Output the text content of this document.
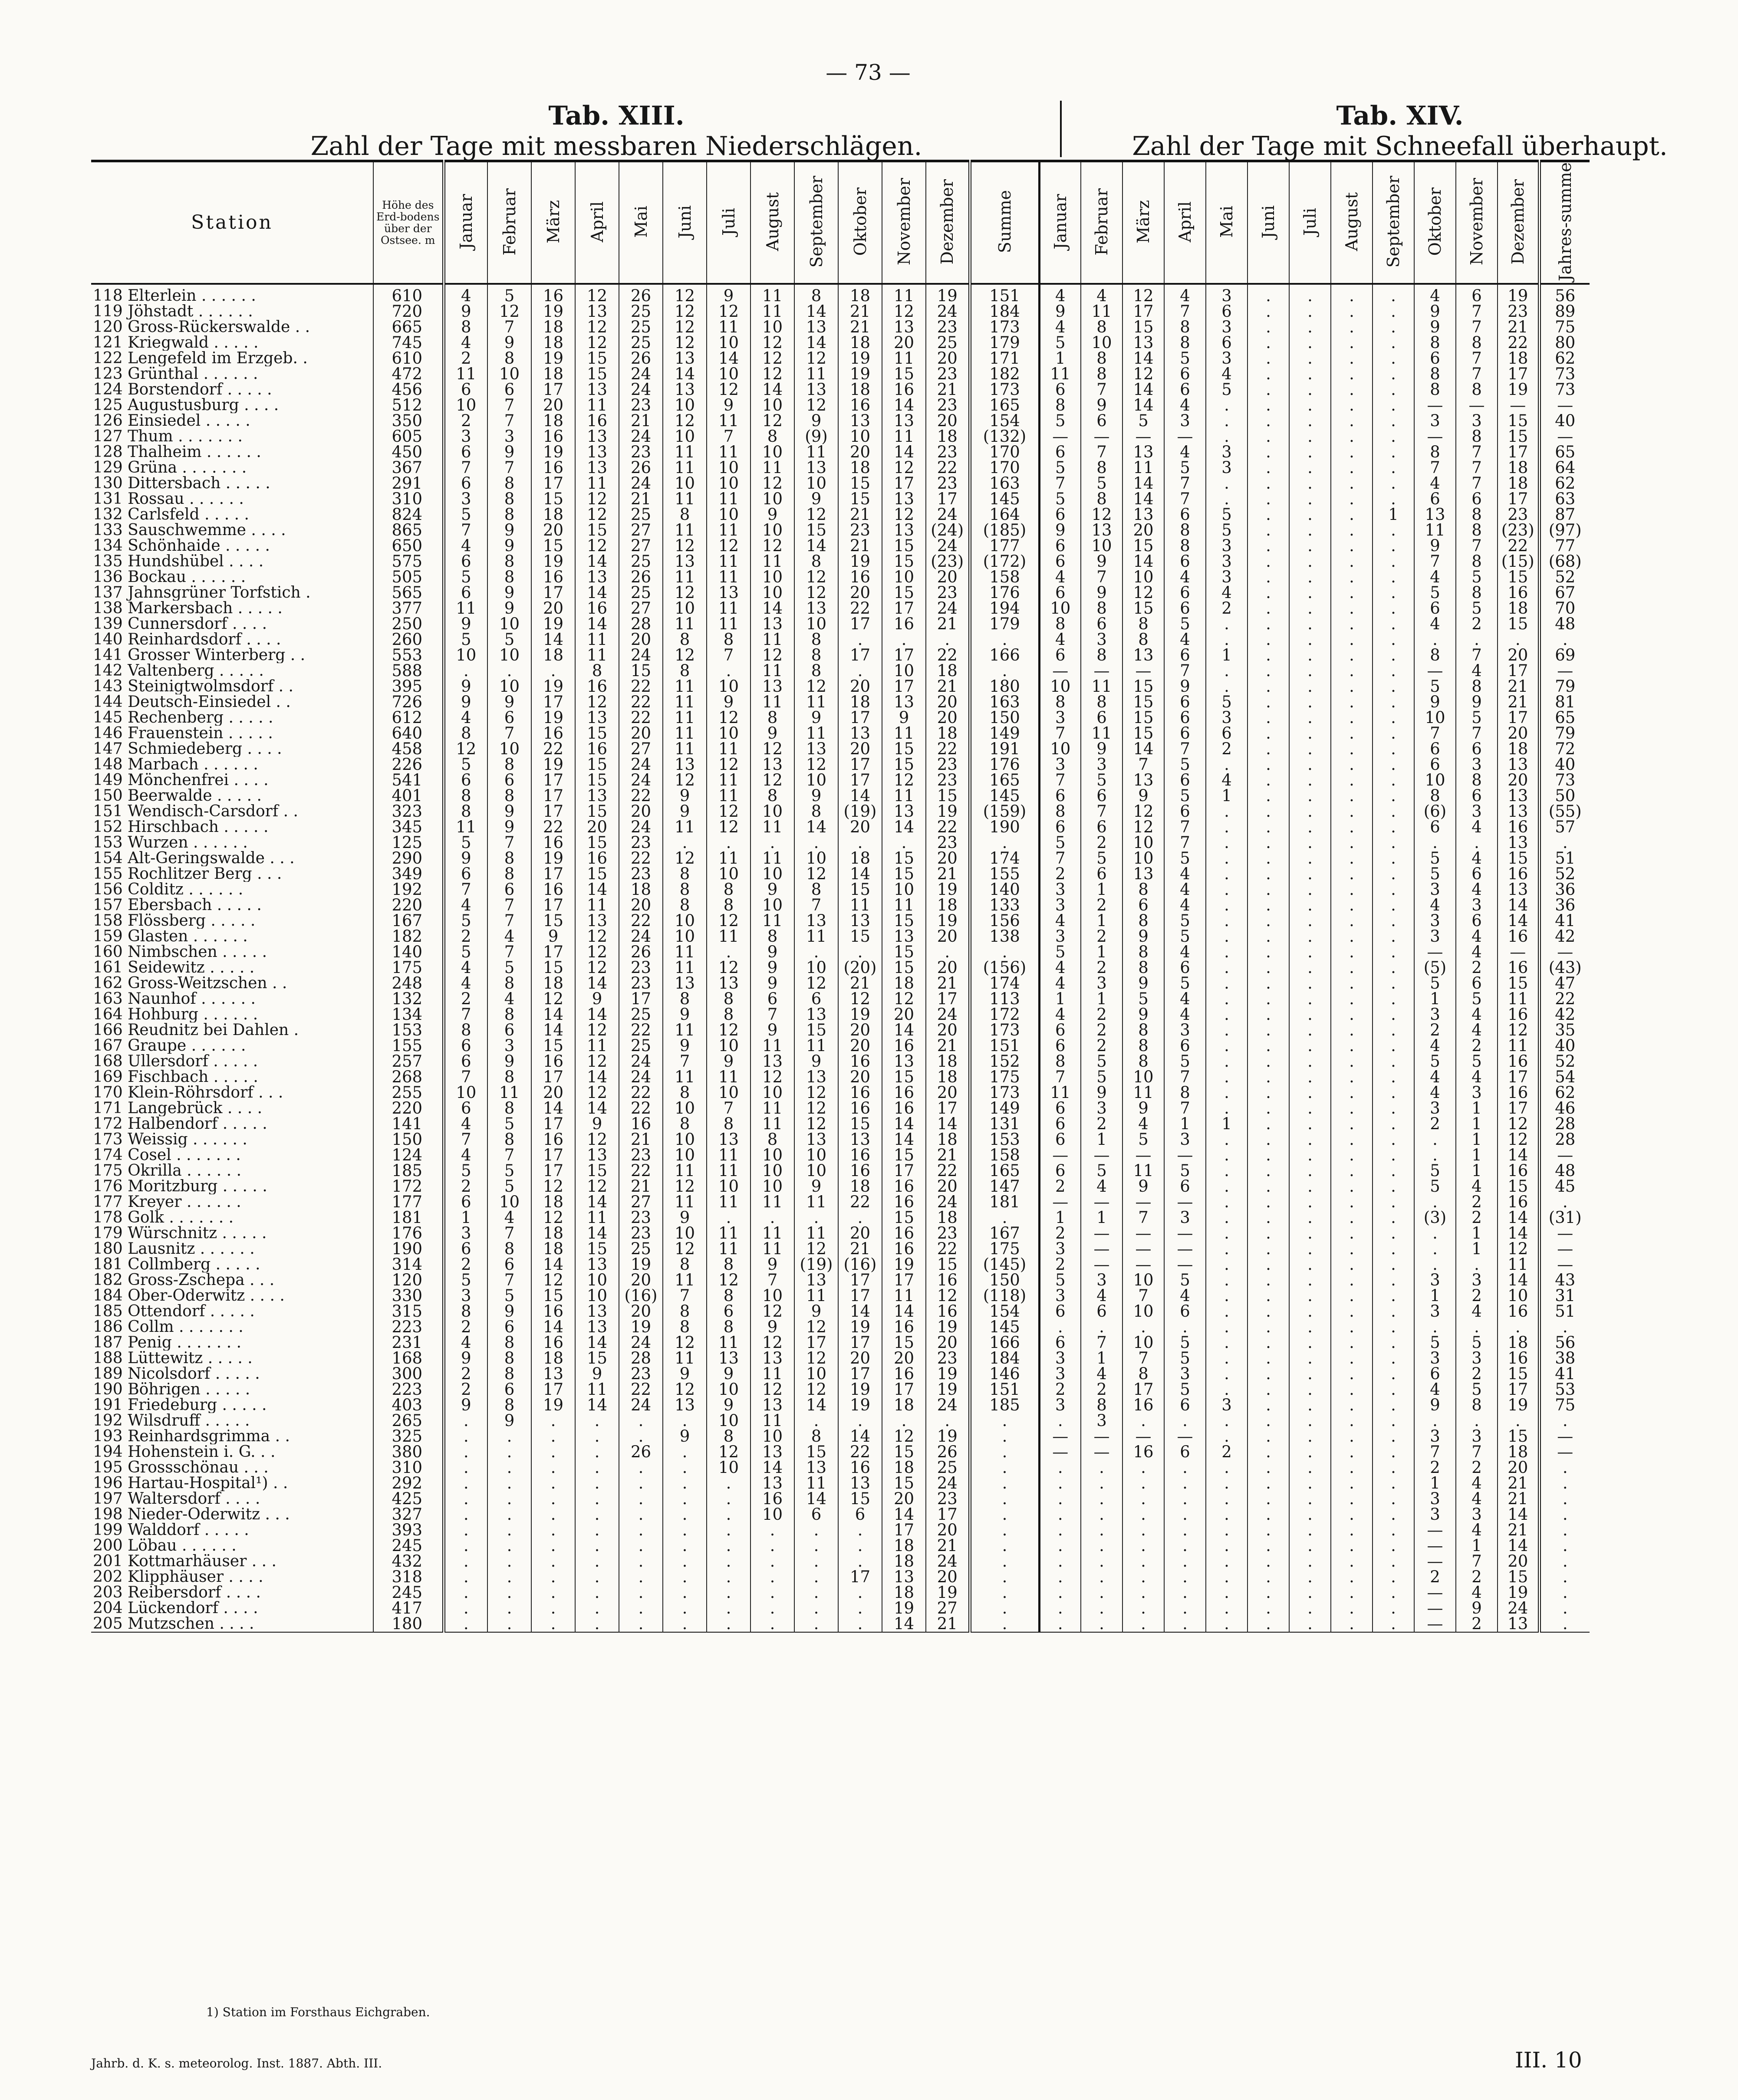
— 73 —
Tab. XIII.
Zahl der Tage mit messbaren Niederschlägen.
Tab. XIV.
Zahl der Tage mit Schneefall überhaupt.
Station	Höhe des Erd-bodens über der Ostsee. m	Januar	Februar	März	April	Mai	Juni	Juli	August	September	Oktober	November	Dezember	Summe	Januar	Februar	März	April	Mai	Juni	Juli	August	September	Oktober	November	Dezember	Jahres-summe
118 Elterlein . . . . . .	610	4	5	16	12	26	12	9	11	8	18	11	19	151	4	4	12	4	3	.	.	.	.	4	6	19	56
119 Jöhstadt . . . . . .	720	9	12	19	13	25	12	12	11	14	21	12	24	184	9	11	17	7	6	.	.	.	.	9	7	23	89
120 Gross-Rückerswalde . .	665	8	7	18	12	25	12	11	10	13	21	13	23	173	4	8	15	8	3	.	.	.	.	9	7	21	75
121 Kriegwald . . . . .	745	4	9	18	12	25	12	10	12	14	18	20	25	179	5	10	13	8	6	.	.	.	.	8	8	22	80
122 Lengefeld im Erzgeb. .	610	2	8	19	15	26	13	14	12	12	19	11	20	171	1	8	14	5	3	.	.	.	.	6	7	18	62
123 Grünthal . . . . . .	472	11	10	18	15	24	14	10	12	11	19	15	23	182	11	8	12	6	4	.	.	.	.	8	7	17	73
124 Borstendorf . . . . .	456	6	6	17	13	24	13	12	14	13	18	16	21	173	6	7	14	6	5	.	.	.	.	8	8	19	73
125 Augustusburg . . . .	512	10	7	20	11	23	10	9	10	12	16	14	23	165	8	9	14	4	.	.	.	.	.	—	—	—	—
126 Einsiedel . . . . .	350	2	7	18	16	21	12	11	12	9	13	13	20	154	5	6	5	3	.	.	.	.	.	3	3	15	40
127 Thum . . . . . . .	605	3	3	16	13	24	10	7	8	(9)	10	11	18	(132)	—	—	—	—	.	.	.	.	.	—	8	15	—
128 Thalheim . . . . . .	450	6	9	19	13	23	11	11	10	11	20	14	23	170	6	7	13	4	3	.	.	.	.	8	7	17	65
129 Grüna . . . . . . .	367	7	7	16	13	26	11	10	11	13	18	12	22	170	5	8	11	5	3	.	.	.	.	7	7	18	64
130 Dittersbach . . . . .	291	6	8	17	11	24	10	10	12	10	15	17	23	163	7	5	14	7	.	.	.	.	.	4	7	18	62
131 Rossau . . . . . .	310	3	8	15	12	21	11	11	10	9	15	13	17	145	5	8	14	7	.	.	.	.	.	6	6	17	63
132 Carlsfeld . . . . .	824	5	8	18	12	25	8	10	9	12	21	12	24	164	6	12	13	6	5	.	.	.	1	13	8	23	87
133 Sauschwemme . . . .	865	7	9	20	15	27	11	11	10	15	23	13	(24)	(185)	9	13	20	8	5	.	.	.	.	11	8	(23)	(97)
134 Schönhaide . . . . .	650	4	9	15	12	27	12	12	12	14	21	15	24	177	6	10	15	8	3	.	.	.	.	9	7	22	77
135 Hundshübel . . . .	575	6	8	19	14	25	13	11	11	8	19	15	(23)	(172)	6	9	14	6	3	.	.	.	.	7	8	(15)	(68)
136 Bockau . . . . . .	505	5	8	16	13	26	11	11	10	12	16	10	20	158	4	7	10	4	3	.	.	.	.	4	5	15	52
137 Jahnsgrüner Torfstich .	565	6	9	17	14	25	12	13	10	12	20	15	23	176	6	9	12	6	4	.	.	.	.	5	8	16	67
138 Markersbach . . . . .	377	11	9	20	16	27	10	11	14	13	22	17	24	194	10	8	15	6	2	.	.	.	.	6	5	18	70
139 Cunnersdorf . . . .	250	9	10	19	14	28	11	11	13	10	17	16	21	179	8	6	8	5	.	.	.	.	.	4	2	15	48
140 Reinhardsdorf . . . .	260	5	5	14	11	20	8	8	11	8	.	.	.	.	4	3	8	4	.	.	.	.	.	.	.	.	.
141 Grosser Winterberg . .	553	10	10	18	11	24	12	7	12	8	17	17	22	166	6	8	13	6	1	.	.	.	.	8	7	20	69
142 Valtenberg . . . . .	588	.	.	.	8	15	8	.	11	8	.	10	18	.	—	—	—	7	.	.	.	.	.	—	4	17	—
143 Steinigtwolmsdorf . .	395	9	10	19	16	22	11	10	13	12	20	17	21	180	10	11	15	9	.	.	.	.	.	5	8	21	79
144 Deutsch-Einsiedel . .	726	9	9	17	12	22	11	9	11	11	18	13	20	163	8	8	15	6	5	.	.	.	.	9	9	21	81
145 Rechenberg . . . . .	612	4	6	19	13	22	11	12	8	9	17	9	20	150	3	6	15	6	3	.	.	.	.	10	5	17	65
146 Frauenstein . . . . .	640	8	7	16	15	20	11	10	9	11	13	11	18	149	7	11	15	6	6	.	.	.	.	7	7	20	79
147 Schmiedeberg . . . .	458	12	10	22	16	27	11	11	12	13	20	15	22	191	10	9	14	7	2	.	.	.	.	6	6	18	72
148 Marbach . . . . . .	226	5	8	19	15	24	13	12	13	12	17	15	23	176	3	3	7	5	.	.	.	.	.	6	3	13	40
149 Mönchenfrei . . . .	541	6	6	17	15	24	12	11	12	10	17	12	23	165	7	5	13	6	4	.	.	.	.	10	8	20	73
150 Beerwalde . . . . .	401	8	8	17	13	22	9	11	8	9	14	11	15	145	6	6	9	5	1	.	.	.	.	8	6	13	50
151 Wendisch-Carsdorf . .	323	8	9	17	15	20	9	12	10	8	(19)	13	19	(159)	8	7	12	6	.	.	.	.	.	(6)	3	13	(55)
152 Hirschbach . . . . .	345	11	9	22	20	24	11	12	11	14	20	14	22	190	6	6	12	7	.	.	.	.	.	6	4	16	57
153 Wurzen . . . . . .	125	5	7	16	15	23	.	.	.	.	.	.	23	.	5	2	10	7	.	.	.	.	.	.	.	13	.
154 Alt-Geringswalde . . .	290	9	8	19	16	22	12	11	11	10	18	15	20	174	7	5	10	5	.	.	.	.	.	5	4	15	51
155 Rochlitzer Berg . . .	349	6	8	17	15	23	8	10	10	12	14	15	21	155	2	6	13	4	.	.	.	.	.	5	6	16	52
156 Colditz . . . . . .	192	7	6	16	14	18	8	8	9	8	15	10	19	140	3	1	8	4	.	.	.	.	.	3	4	13	36
157 Ebersbach . . . . .	220	4	7	17	11	20	8	8	10	7	11	11	18	133	3	2	6	4	.	.	.	.	.	4	3	14	36
158 Flössberg . . . . .	167	5	7	15	13	22	10	12	11	13	13	15	19	156	4	1	8	5	.	.	.	.	.	3	6	14	41
159 Glasten . . . . . .	182	2	4	9	12	24	10	11	8	11	15	13	20	138	3	2	9	5	.	.	.	.	.	3	4	16	42
160 Nimbschen . . . . .	140	5	7	17	12	26	11	.	9	.	.	15	.	.	5	1	8	4	.	.	.	.	.	—	4	—	—
161 Seidewitz . . . . .	175	4	5	15	12	23	11	12	9	10	(20)	15	20	(156)	4	2	8	6	.	.	.	.	.	(5)	2	16	(43)
162 Gross-Weitzschen . .	248	4	8	18	14	23	13	13	9	12	21	18	21	174	4	3	9	5	.	.	.	.	.	5	6	15	47
163 Naunhof . . . . . .	132	2	4	12	9	17	8	8	6	6	12	12	17	113	1	1	5	4	.	.	.	.	.	1	5	11	22
164 Hohburg . . . . . .	134	7	8	14	14	25	9	8	7	13	19	20	24	172	4	2	9	4	.	.	.	.	.	3	4	16	42
166 Reudnitz bei Dahlen .	153	8	6	14	12	22	11	12	9	15	20	14	20	173	6	2	8	3	.	.	.	.	.	2	4	12	35
167 Graupe . . . . . .	155	6	3	15	11	25	9	10	11	11	20	16	21	151	6	2	8	6	.	.	.	.	.	4	2	11	40
168 Ullersdorf . . . . .	257	6	9	16	12	24	7	9	13	9	16	13	18	152	8	5	8	5	.	.	.	.	.	5	5	16	52
169 Fischbach . . . . .	268	7	8	17	14	24	11	11	12	13	20	15	18	175	7	5	10	7	.	.	.	.	.	4	4	17	54
170 Klein-Röhrsdorf . . .	255	10	11	20	12	22	8	10	10	12	16	16	20	173	11	9	11	8	.	.	.	.	.	4	3	16	62
171 Langebrück . . . .	220	6	8	14	14	22	10	7	11	12	16	16	17	149	6	3	9	7	.	.	.	.	.	3	1	17	46
172 Halbendorf . . . . .	141	4	5	17	9	16	8	8	11	12	15	14	14	131	6	2	4	1	1	.	.	.	.	2	1	12	28
173 Weissig . . . . . .	150	7	8	16	12	21	10	13	8	13	13	14	18	153	6	1	5	3	.	.	.	.	.	.	1	12	28
174 Cosel . . . . . . .	124	4	7	17	13	23	10	11	10	10	16	15	21	158	—	—	—	—	.	.	.	.	.	.	1	14	—
175 Okrilla . . . . . .	185	5	5	17	15	22	11	11	10	10	16	17	22	165	6	5	11	5	.	.	.	.	.	5	1	16	48
176 Moritzburg . . . . .	172	2	5	12	12	21	12	10	10	9	18	16	20	147	2	4	9	6	.	.	.	.	.	5	4	15	45
177 Kreyer . . . . . .	177	6	10	18	14	27	11	11	11	11	22	16	24	181	—	—	—	—	.	.	.	.	.	.	2	16	.
178 Golk . . . . . . .	181	1	4	12	11	23	9	.	.	.	.	15	18	.	1	1	7	3	.	.	.	.	.	(3)	2	14	(31)
179 Würschnitz . . . . .	176	3	7	18	14	23	10	11	11	11	20	16	23	167	2	—	—	—	.	.	.	.	.	.	1	14	—
180 Lausnitz . . . . . .	190	6	8	18	15	25	12	11	11	12	21	16	22	175	3	—	—	—	.	.	.	.	.	.	1	12	—
181 Collmberg . . . . .	314	2	6	14	13	19	8	8	9	(19)	(16)	19	15	(145)	2	—	—	—	.	.	.	.	.	.	.	11	—
182 Gross-Zschepa . . .	120	5	7	12	10	20	11	12	7	13	17	17	16	150	5	3	10	5	.	.	.	.	.	3	3	14	43
184 Ober-Oderwitz . . . .	330	3	5	15	10	(16)	7	8	10	11	17	11	12	(118)	3	4	7	4	.	.	.	.	.	1	2	10	31
185 Ottendorf . . . . .	315	8	9	16	13	20	8	6	12	9	14	14	16	154	6	6	10	6	.	.	.	.	.	3	4	16	51
186 Collm . . . . . . .	223	2	6	14	13	19	8	8	9	12	19	16	19	145	.	.	.	.	.	.	.	.	.	.	.	.	.
187 Penig . . . . . . .	231	4	8	16	14	24	12	11	12	17	17	15	20	166	6	7	10	5	.	.	.	.	.	5	5	18	56
188 Lüttewitz . . . . .	168	9	8	18	15	28	11	13	13	12	20	20	23	184	3	1	7	5	.	.	.	.	.	3	3	16	38
189 Nicolsdorf . . . . .	300	2	8	13	9	23	9	9	11	10	17	16	19	146	3	4	8	3	.	.	.	.	.	6	2	15	41
190 Böhrigen . . . . .	223	2	6	17	11	22	12	10	12	12	19	17	19	151	2	2	17	5	.	.	.	.	.	4	5	17	53
191 Friedeburg . . . . .	403	9	8	19	14	24	13	9	13	14	19	18	24	185	3	8	16	6	3	.	.	.	.	9	8	19	75
192 Wilsdruff . . . . .	265	.	9	.	.	.	.	10	11	.	.	.	.	.	.	3	.	.	.	.	.	.	.	.	.	.	.
193 Reinhardsgrimma . .	325	.	.	.	.	.	9	8	10	8	14	12	19	.	—	—	—	—	.	.	.	.	.	3	3	15	—
194 Hohenstein i. G. . .	380	.	.	.	.	26	.	12	13	15	22	15	26	.	—	—	16	6	2	.	.	.	.	7	7	18	—
195 Grossschönau . . .	310	.	.	.	.	.	.	10	14	13	16	18	25	.	.	.	.	.	.	.	.	.	.	2	2	20	.
196 Hartau-Hospital¹) . .	292	.	.	.	.	.	.	.	13	11	13	15	24	.	.	.	.	.	.	.	.	.	.	1	4	21	.
197 Waltersdorf . . . .	425	.	.	.	.	.	.	.	16	14	15	20	23	.	.	.	.	.	.	.	.	.	.	3	4	21	.
198 Nieder-Oderwitz . . .	327	.	.	.	.	.	.	.	10	6	6	14	17	.	.	.	.	.	.	.	.	.	.	3	3	14	.
199 Walddorf . . . . .	393	.	.	.	.	.	.	.	.	.	.	17	20	.	.	.	.	.	.	.	.	.	.	—	4	21	.
200 Löbau . . . . . .	245	.	.	.	.	.	.	.	.	.	.	18	21	.	.	.	.	.	.	.	.	.	.	—	1	14	.
201 Kottmarhäuser . . .	432	.	.	.	.	.	.	.	.	.	.	18	24	.	.	.	.	.	.	.	.	.	.	—	7	20	.
202 Klipphäuser . . . .	318	.	.	.	.	.	.	.	.	.	17	13	20	.	.	.	.	.	.	.	.	.	.	2	2	15	.
203 Reibersdorf . . . .	245	.	.	.	.	.	.	.	.	.	.	18	19	.	.	.	.	.	.	.	.	.	.	—	4	19	.
204 Lückendorf . . . .	417	.	.	.	.	.	.	.	.	.	.	19	27	.	.	.	.	.	.	.	.	.	.	—	9	24	.
205 Mutzschen . . . .	180	.	.	.	.	.	.	.	.	.	.	14	21	.	.	.	.	.	.	.	.	.	.	—	2	13	.
1) Station im Forsthaus Eichgraben.
Jahrb. d. K. s. meteorolog. Inst. 1887. Abth. III.	III. 10
